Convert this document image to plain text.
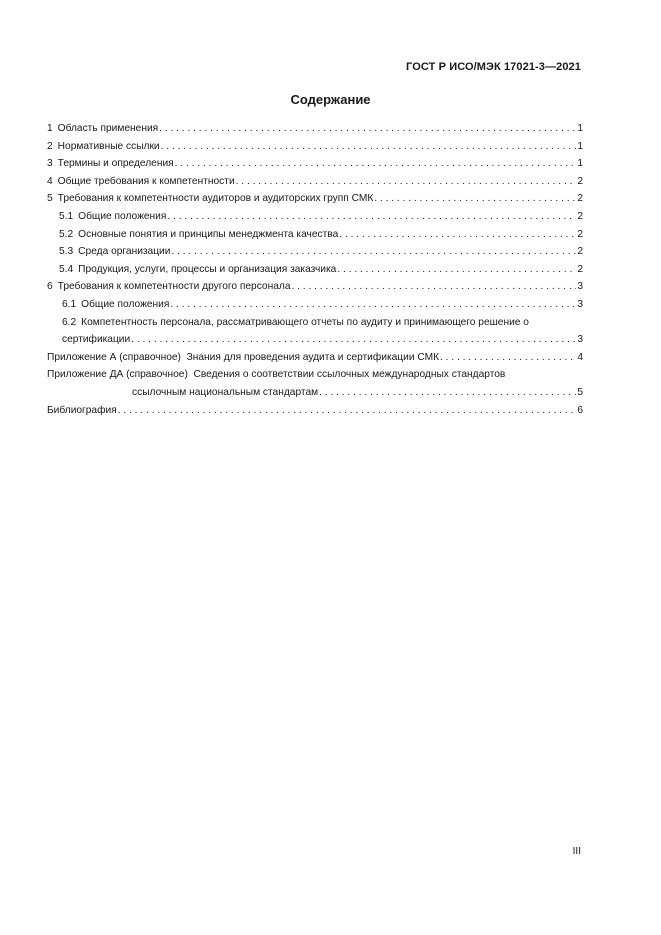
ГОСТ Р ИСО/МЭК 17021-3—2021
Содержание
1 Область применения . . .	1
2 Нормативные ссылки . . .	1
3 Термины и определения . . .	1
4 Общие требования к компетентности . . .	2
5 Требования к компетентности аудиторов и аудиторских групп СМК . . .	2
5.1 Общие положения . . .	2
5.2 Основные понятия и принципы менеджмента качества . . .	2
5.3 Среда организации . . .	2
5.4 Продукция, услуги, процессы и организация заказчика . . .	2
6 Требования к компетентности другого персонала . . .	3
6.1 Общие положения . . .	3
6.2 Компетентность персонала, рассматривающего отчеты по аудиту и принимающего решение о
сертификации . . .	3
Приложение А (справочное)  Знания для проведения аудита и сертификации СМК . . .	4
Приложение ДА (справочное)  Сведения о соответствии ссылочных международных стандартов
ссылочным национальным стандартам . . .	5
Библиография . . .	6
III
